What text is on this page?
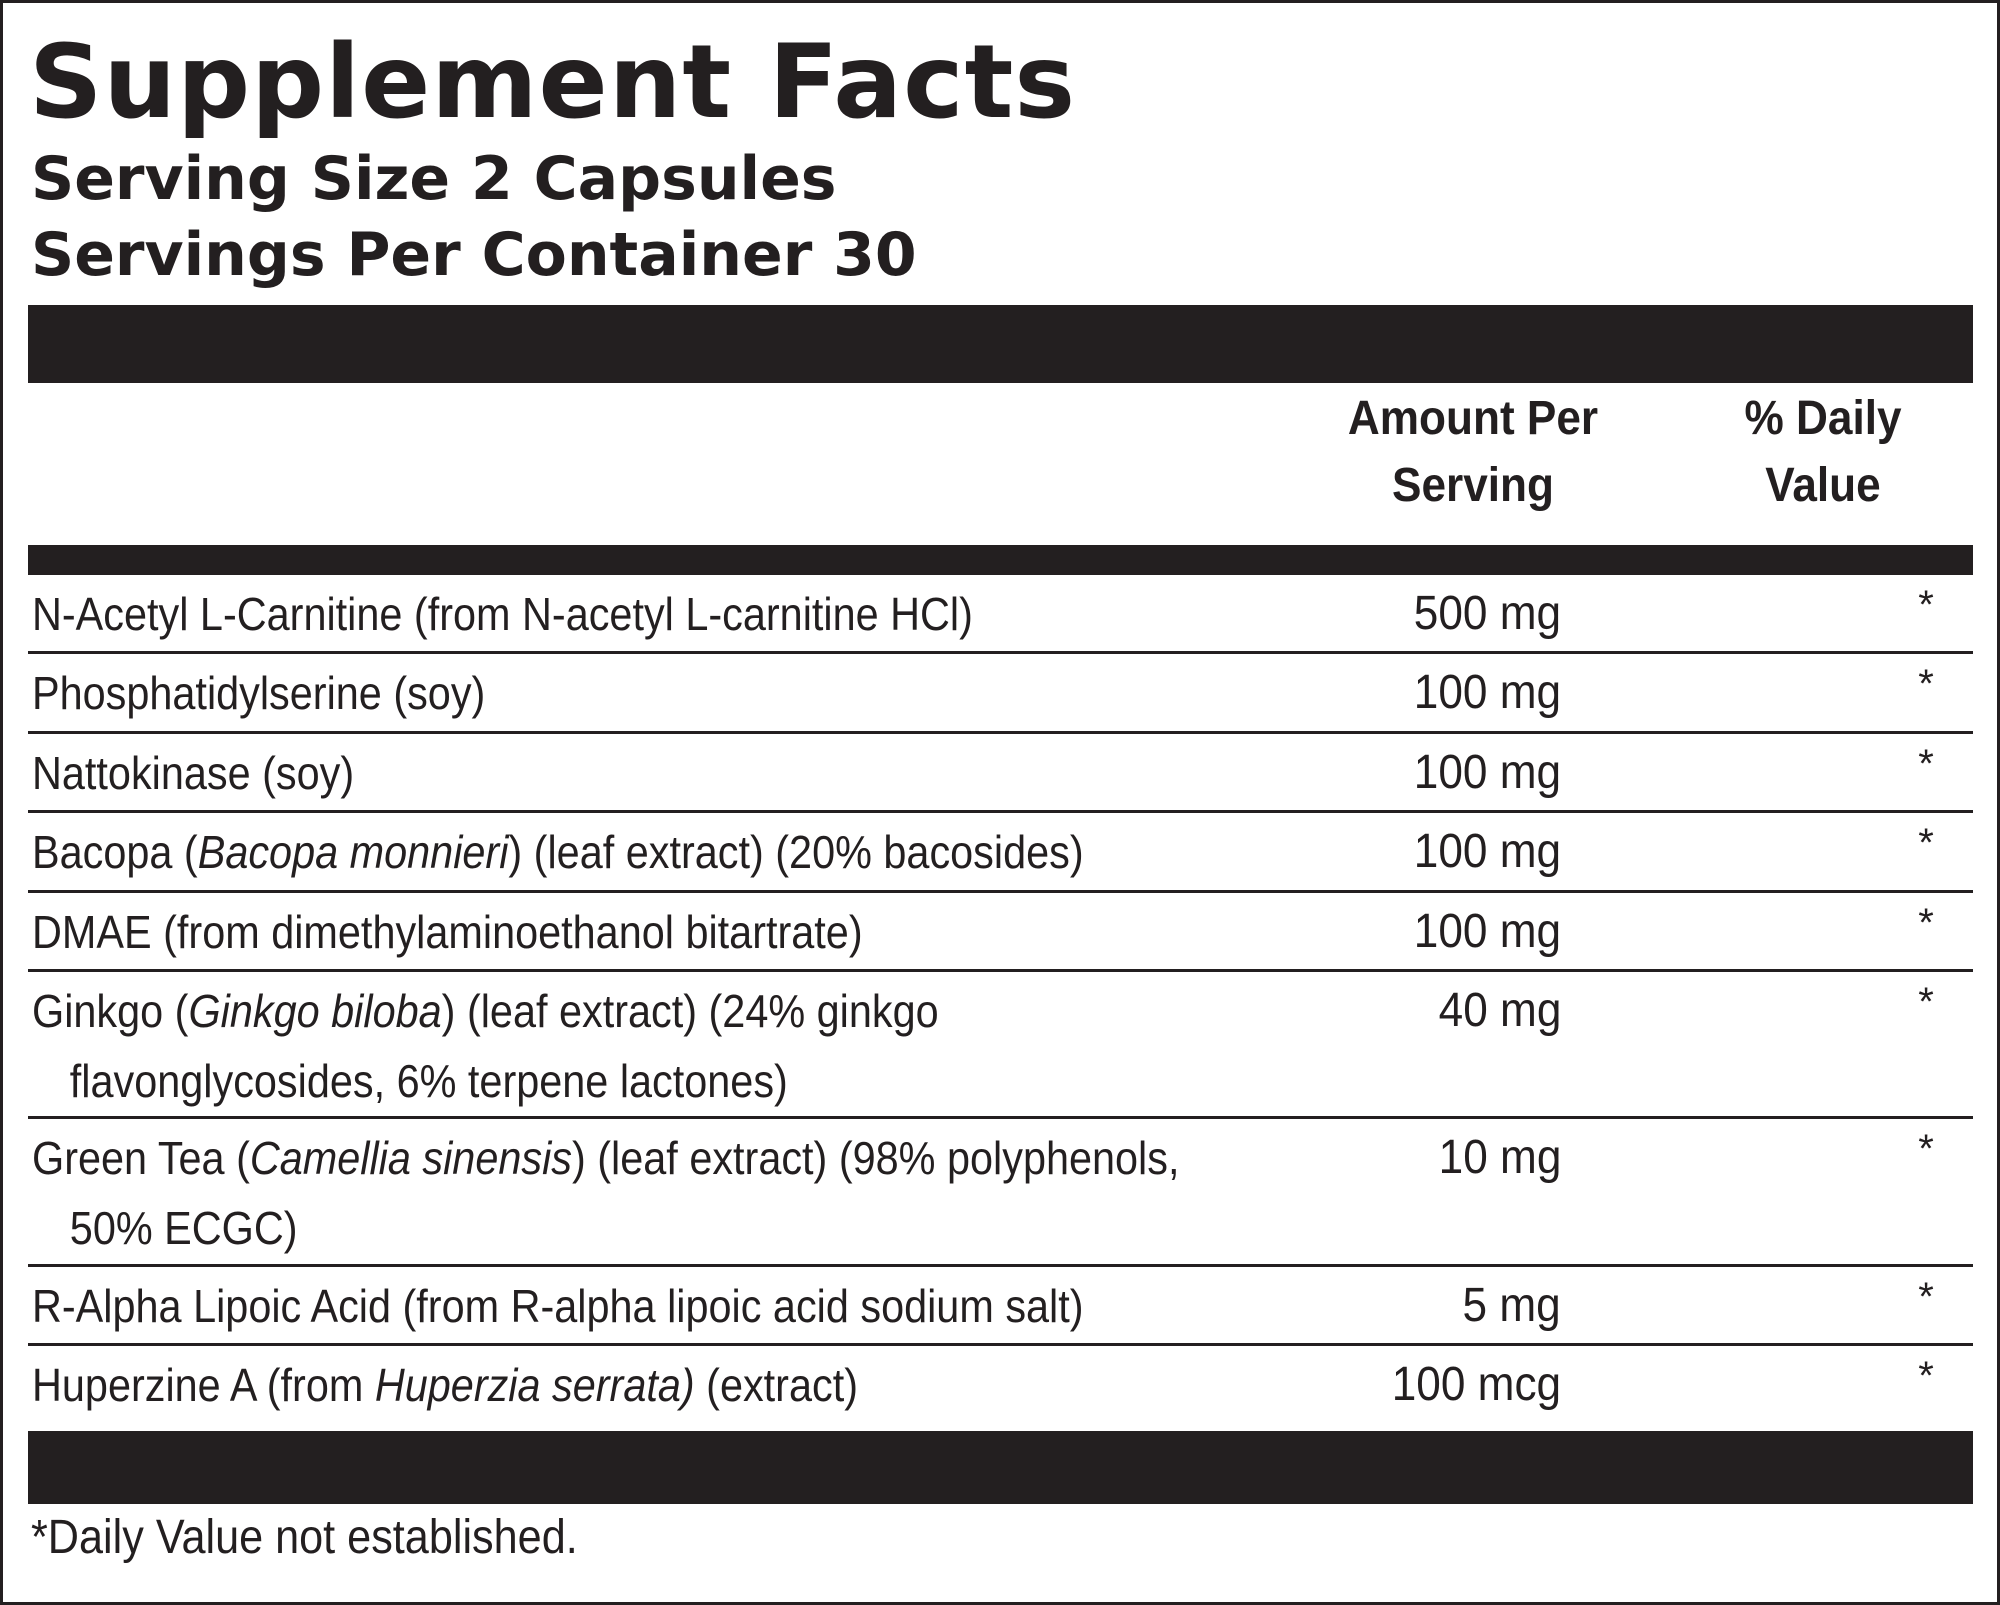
Supplement Facts
Serving Size 2 Capsules
Servings Per Container 30
Amount Per
Serving
% Daily
Value
N-Acetyl L-Carnitine (from N-acetyl L-carnitine HCl)	500 mg	*
Phosphatidylserine (soy)	100 mg	*
Nattokinase (soy)	100 mg	*
Bacopa (Bacopa monnieri) (leaf extract) (20% bacosides)	100 mg	*
DMAE (from dimethylaminoethanol bitartrate)	100 mg	*
Ginkgo (Ginkgo biloba) (leaf extract) (24% ginkgo
flavonglycosides, 6% terpene lactones)
40 mg	*
Green Tea (Camellia sinensis) (leaf extract) (98% polyphenols,
50% ECGC)
10 mg	*
R-Alpha Lipoic Acid (from R-alpha lipoic acid sodium salt)	5 mg	*
Huperzine A (from Huperzia serrata) (extract)	100 mcg	*
*Daily Value not established.
